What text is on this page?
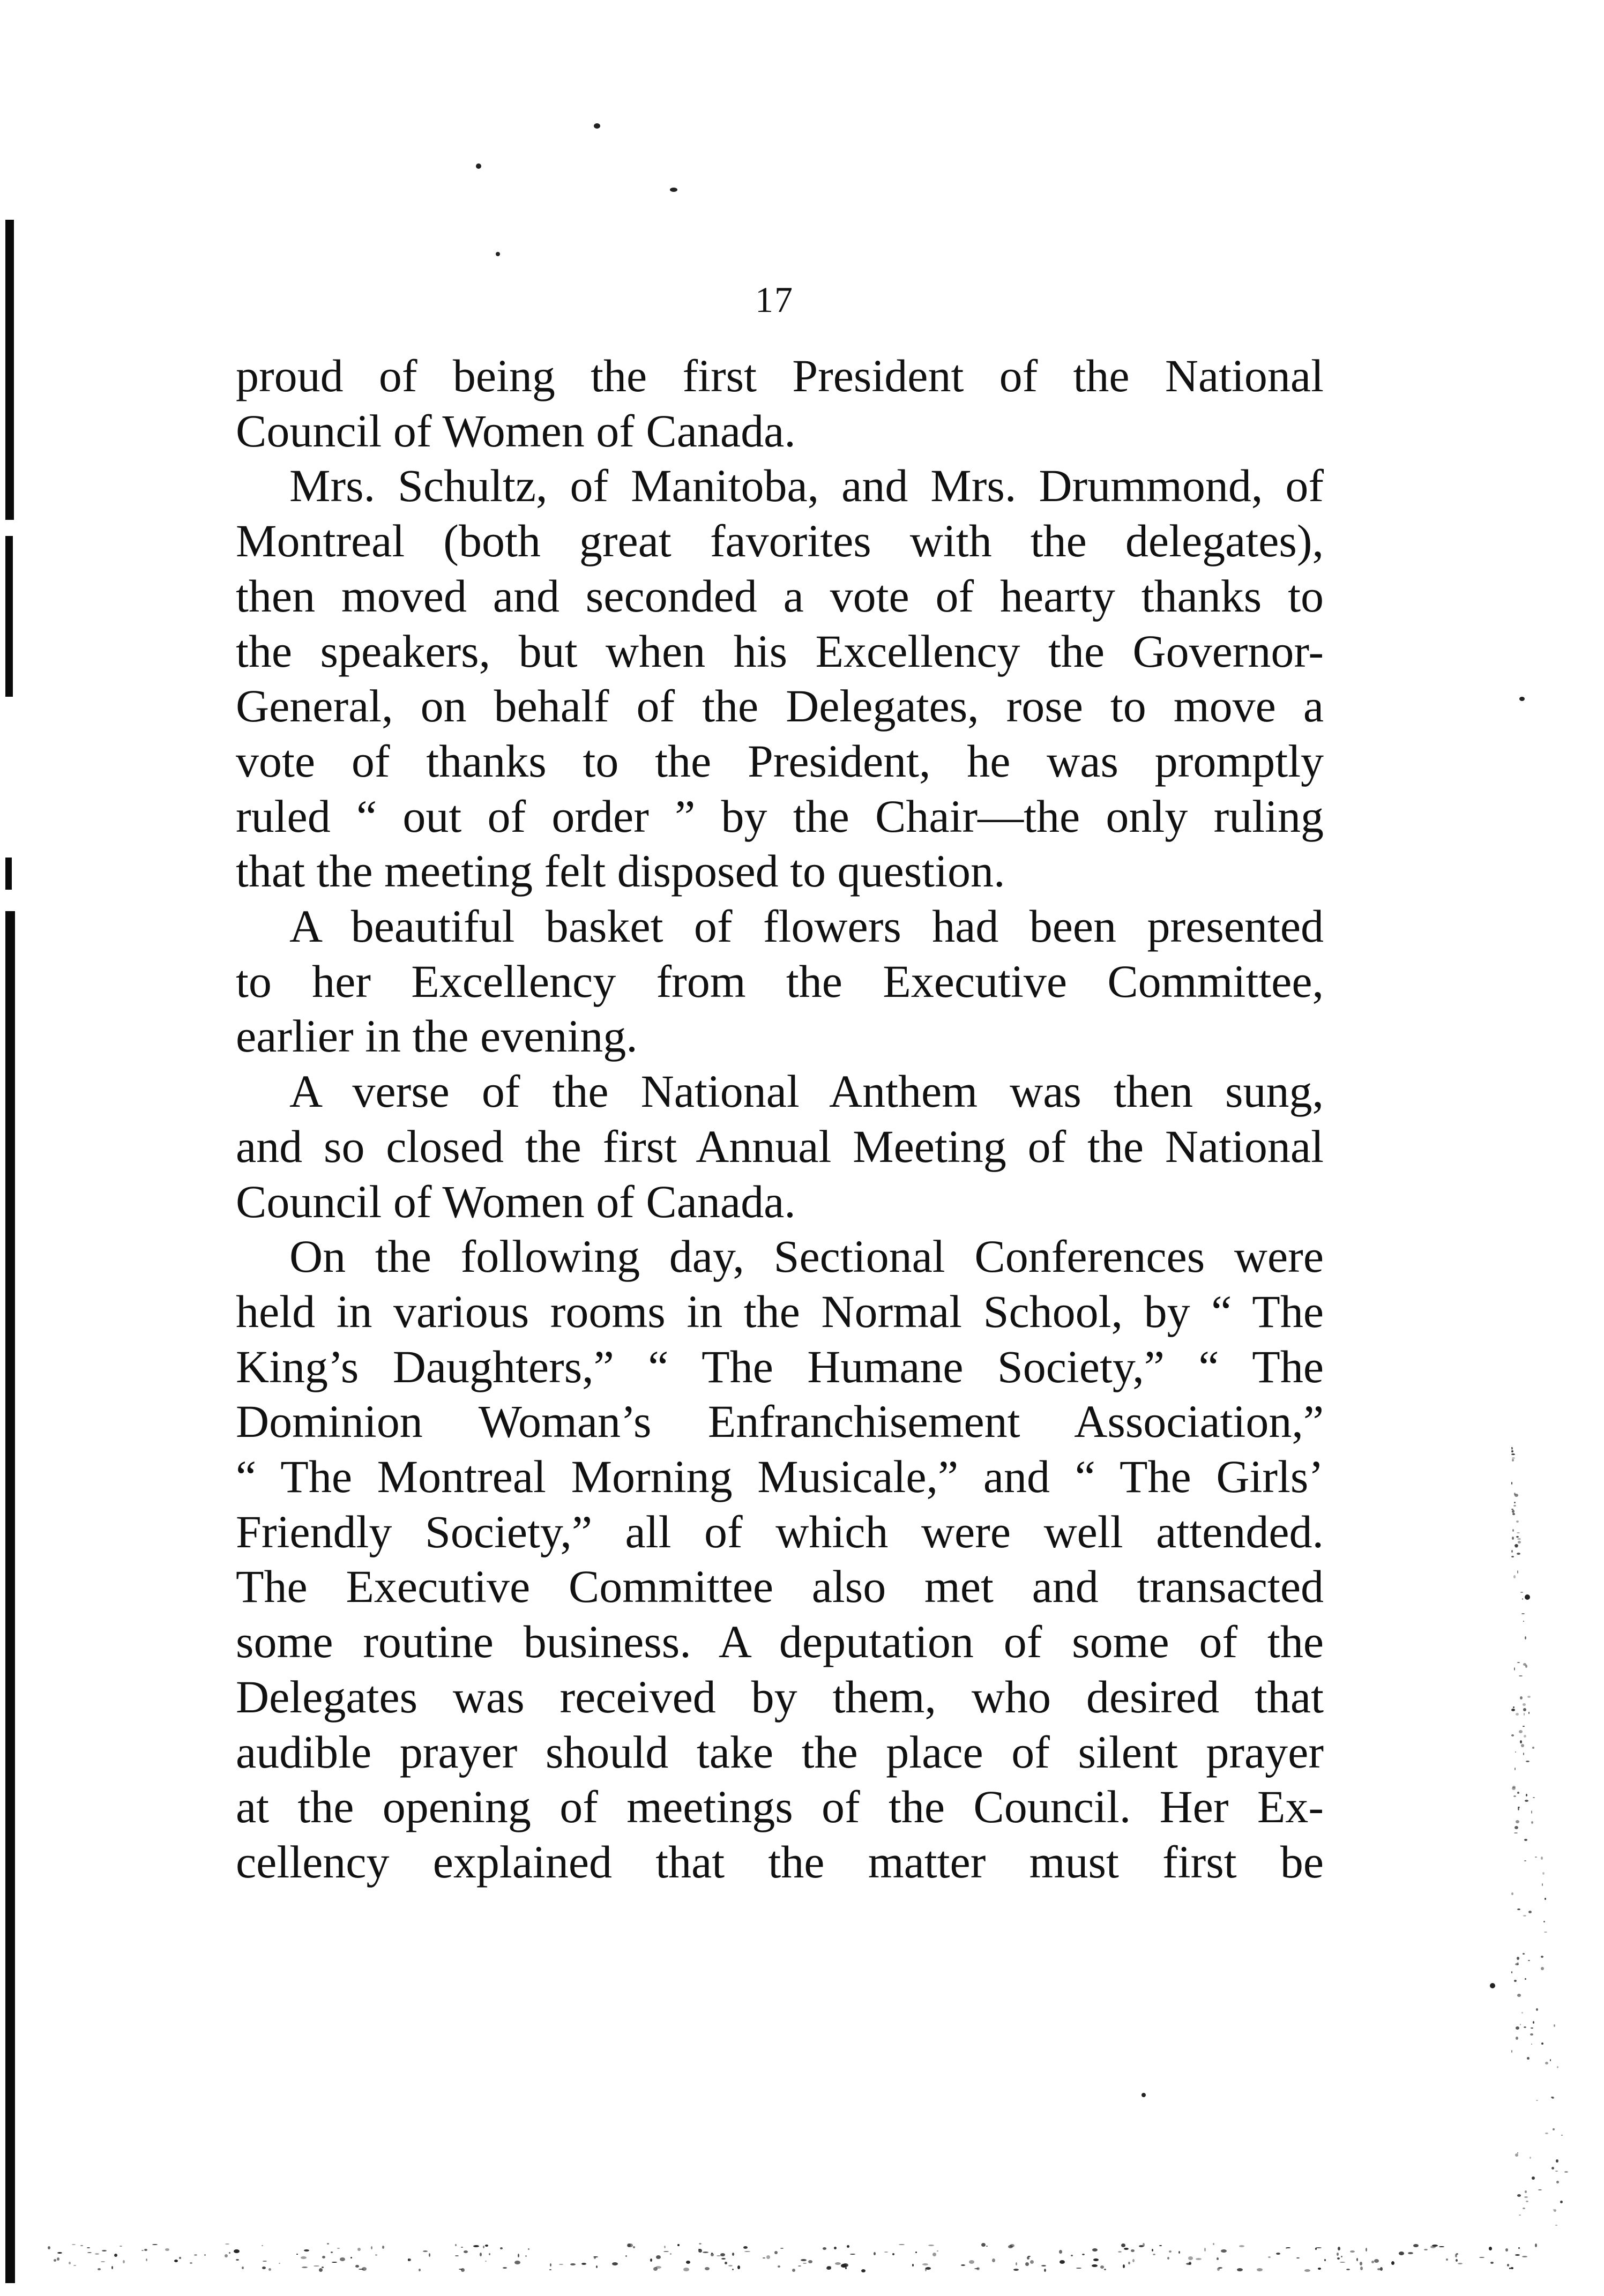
17
proud of being the first President of the National
Council of Women of Canada.
Mrs. Schultz, of Manitoba, and Mrs. Drummond, of
Montreal (both great favorites with the delegates),
then moved and seconded a vote of hearty thanks to
the speakers, but when his Excellency the Governor-
General, on behalf of the Delegates, rose to move a
vote of thanks to the President, he was promptly
ruled “ out of order ” by the Chair—the only ruling
that the meeting felt disposed to question.
A beautiful basket of flowers had been presented
to her Excellency from the Executive Committee,
earlier in the evening.
A verse of the National Anthem was then sung,
and so closed the first Annual Meeting of the National
Council of Women of Canada.
On the following day, Sectional Conferences were
held in various rooms in the Normal School, by “ The
King’s Daughters,” “ The Humane Society,” “ The
Dominion Woman’s Enfranchisement Association,”
“ The Montreal Morning Musicale,” and “ The Girls’
Friendly Society,” all of which were well attended.
The Executive Committee also met and transacted
some routine business. A deputation of some of the
Delegates was received by them, who desired that
audible prayer should take the place of silent prayer
at the opening of meetings of the Council. Her Ex-
cellency explained that the matter must first be
